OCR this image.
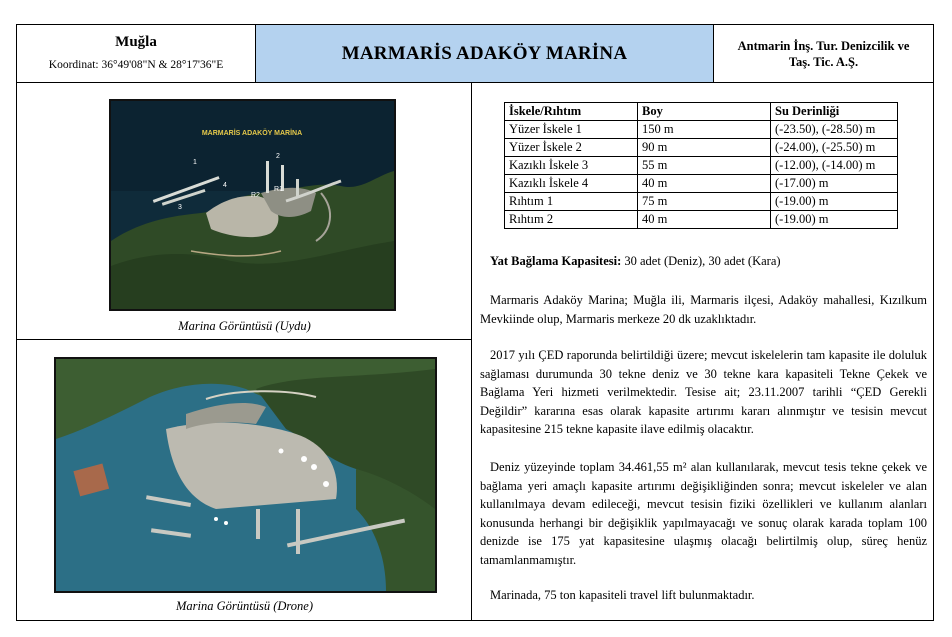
Muğla
Koordinat: 36°49'08"N & 28°17'36"E
MARMARİS ADAKÖY MARİNA	Antmarin İnş. Tur. Denizcilik ve
Taş. Tic. A.Ş.
MARMARİS ADAKÖY MARİNA
1
2
3
4
R2
R1
Marina Görüntüsü (Uydu)
Marina Görüntüsü (Drone)
İskele/Rıhtım	Boy	Su Derinliği
Yüzer İskele 1	150 m	(-23.50), (-28.50) m
Yüzer İskele 2	90 m	(-24.00), (-25.50) m
Kazıklı İskele 3	55 m	(-12.00), (-14.00) m
Kazıklı İskele 4	40 m	(-17.00) m
Rıhtım 1	75 m	(-19.00) m
Rıhtım 2	40 m	(-19.00) m
Yat Bağlama Kapasitesi: 30 adet (Deniz), 30 adet (Kara)

Marmaris Adaköy Marina; Muğla ili, Marmaris ilçesi, Adaköy mahallesi, Kızılkum Mevkiinde olup, Marmaris merkeze 20 dk uzaklıktadır.

2017 yılı ÇED raporunda belirtildiği üzere; mevcut iskelelerin tam kapasite ile doluluk sağlaması durumunda 30 tekne deniz ve 30 tekne kara kapasiteli Tekne Çekek ve Bağlama Yeri hizmeti verilmektedir. Tesise ait; 23.11.2007 tarihli “ÇED Gerekli Değildir” kararına esas olarak kapasite artırımı kararı alınmıştır ve tesisin mevcut kapasitesine 215 tekne kapasite ilave edilmiş olacaktır.

Deniz yüzeyinde toplam 34.461,55 m² alan kullanılarak, mevcut tesis tekne çekek ve bağlama yeri amaçlı kapasite artırımı değişikliğinden sonra; mevcut iskeleler ve alan kullanılmaya devam edileceği, mevcut tesisin fiziki özellikleri ve kullanım alanları konusunda herhangi bir değişiklik yapılmayacağı ve sonuç olarak karada toplam 100 denizde ise 175 yat kapasitesine ulaşmış olacağı belirtilmiş olup, süreç henüz tamamlanmamıştır.

Marinada, 75 ton kapasiteli travel lift bulunmaktadır.
